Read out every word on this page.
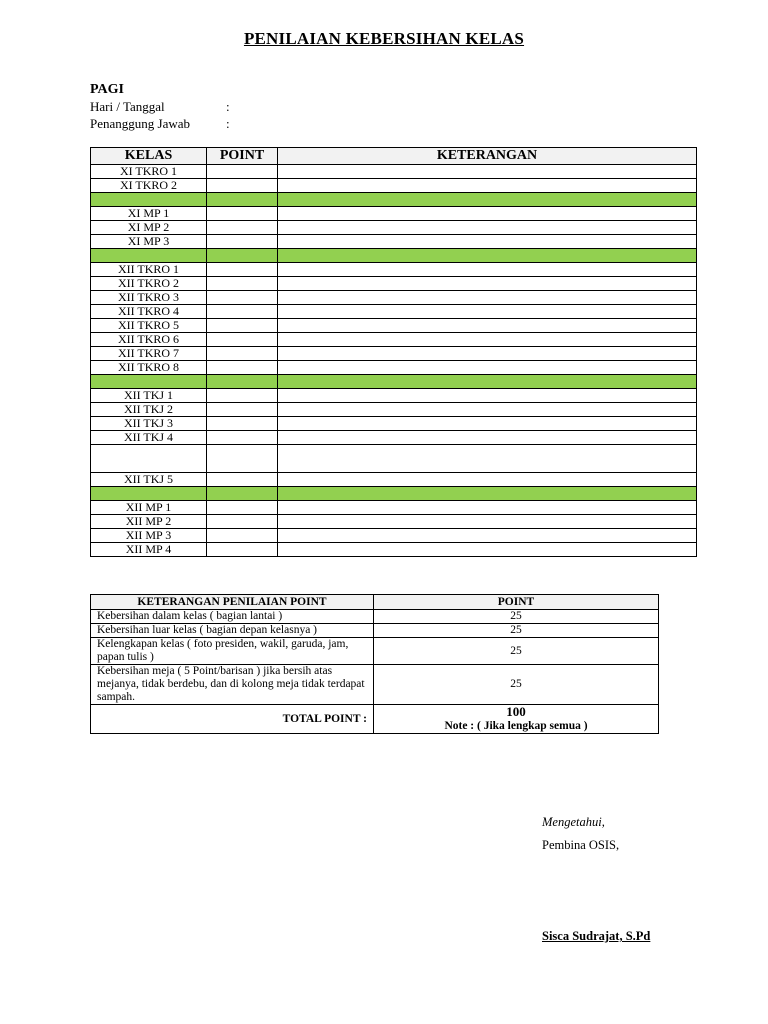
PENILAIAN KEBERSIHAN KELAS
PAGI
Hari / Tanggal	:
Penanggung Jawab	:
KELAS	POINT	KETERANGAN
XI TKRO 1		
XI TKRO 2		

XI MP 1		
XI MP 2		
XI MP 3		

XII TKRO 1		
XII TKRO 2		
XII TKRO 3		
XII TKRO 4		
XII TKRO 5		
XII TKRO 6		
XII TKRO 7		
XII TKRO 8		

XII TKJ 1		
XII TKJ 2		
XII TKJ 3		
XII TKJ 4		

XII TKJ 5		

XII MP 1		
XII MP 2		
XII MP 3		
XII MP 4		
KETERANGAN PENILAIAN POINT	POINT
Kebersihan dalam kelas ( bagian lantai )	25
Kebersihan luar kelas ( bagian depan kelasnya )	25
Kelengkapan kelas ( foto presiden, wakil, garuda, jam, papan tulis )	25
Kebersihan meja ( 5 Point/barisan ) jika bersih atas mejanya, tidak berdebu, dan di kolong meja tidak terdapat sampah.	25
TOTAL POINT :	100
Note : ( Jika lengkap semua )
Mengetahui,
Pembina OSIS,
Sisca Sudrajat, S.Pd
